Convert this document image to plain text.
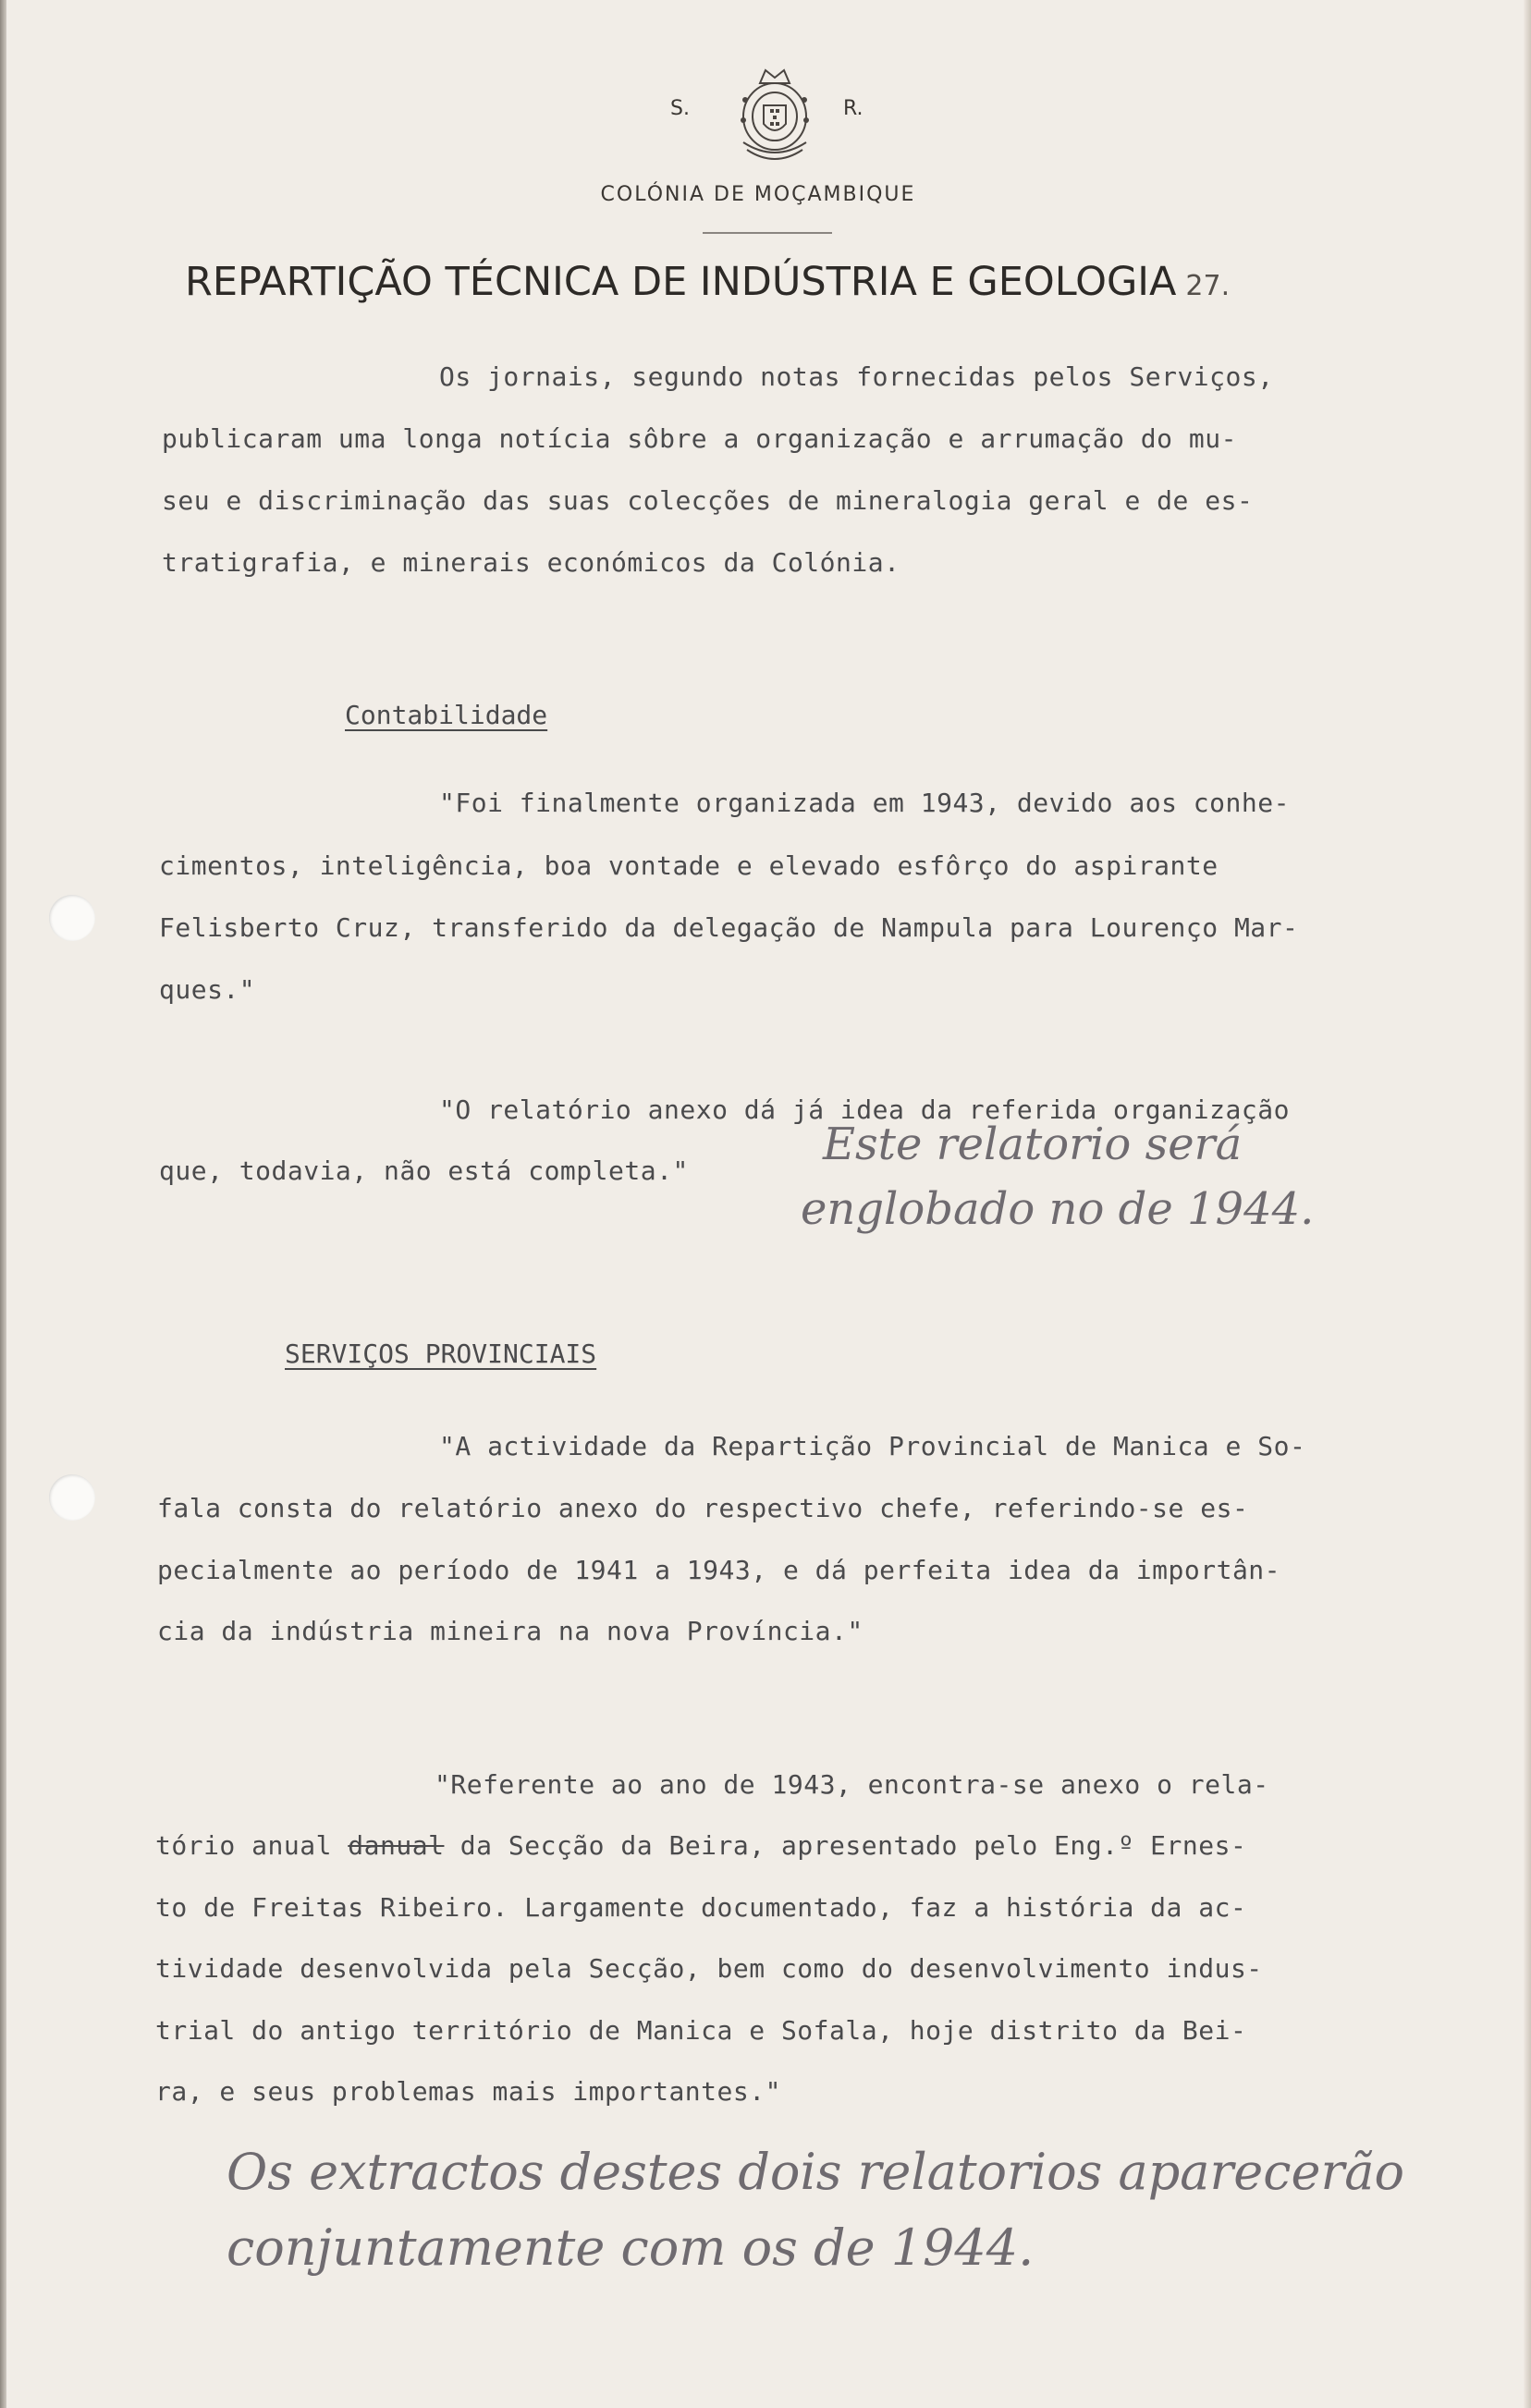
S.	R.
COLÓNIA DE MOÇAMBIQUE
REPARTIÇÃO TÉCNICA DE INDÚSTRIA E GEOLOGIA 27.
Os jornais, segundo notas fornecidas pelos Serviços,
publicaram uma longa notícia sôbre a organização e arrumação do mu-
seu e discriminação das suas colecções de mineralogia geral e de es-
tratigrafia, e minerais económicos da Colónia.
Contabilidade
"Foi finalmente organizada em 1943, devido aos conhe-
cimentos, inteligência, boa vontade e elevado esfôrço do aspirante
Felisberto Cruz, transferido da delegação de Nampula para Lourenço Mar-
ques."
"O relatório anexo dá já idea da referida organização
que, todavia, não está completa."
Este relatorio será
englobado no de 1944.
SERVIÇOS PROVINCIAIS
"A actividade da Repartição Provincial de Manica e So-
fala consta do relatório anexo do respectivo chefe, referindo-se es-
pecialmente ao período de 1941 a 1943, e dá perfeita idea da importân-
cia da indústria mineira na nova Província."
"Referente ao ano de 1943, encontra-se anexo o rela-
tório anual danual da Secção da Beira, apresentado pelo Eng.º Ernes-
to de Freitas Ribeiro. Largamente documentado, faz a história da ac-
tividade desenvolvida pela Secção, bem como do desenvolvimento indus-
trial do antigo território de Manica e Sofala, hoje distrito da Bei-
ra, e seus problemas mais importantes."
Os extractos destes dois relatorios aparecerão
conjuntamente com os de 1944.
